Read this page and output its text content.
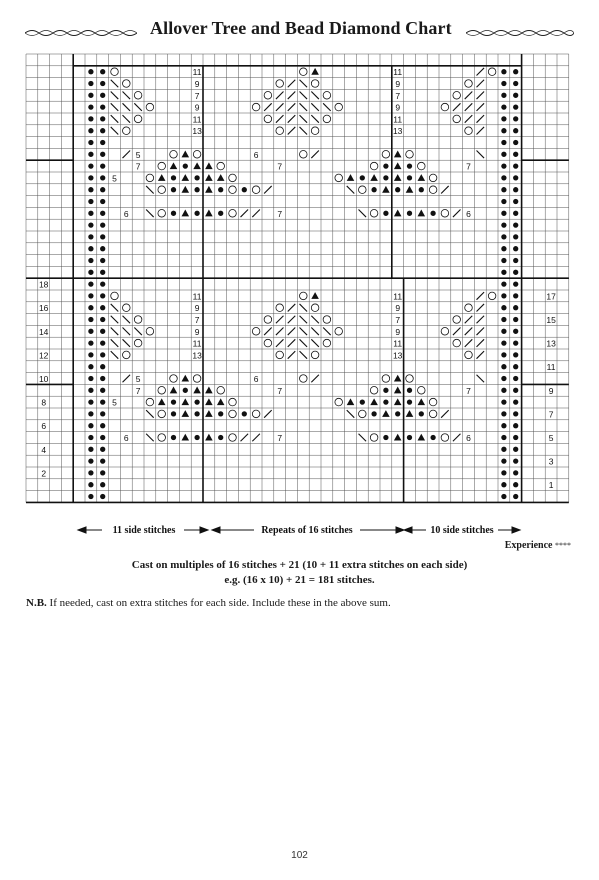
Allover Tree and Bead Diamond Chart
11	11
9	9
7	7
9	9
11	11
13	13
11	11
9	9
7	7
9	9
11	11
13	13
5	6
7	7
5
7
6	7	6
5	6
7	7
5
7
6	7	6
18
16
14
12
10
8
6
4
2
17
15
13
11
9
7
5
3
1
11 side stitches	Repeats of 16 stitches	10 side stitches
Experience ****
Cast on multiples of 16 stitches + 21 (10 + 11 extra stitches on each side)
e.g. (16 x 10) + 21 = 181 stitches.
N.B. If needed, cast on extra stitches for each side. Include these in the above sum.
102
